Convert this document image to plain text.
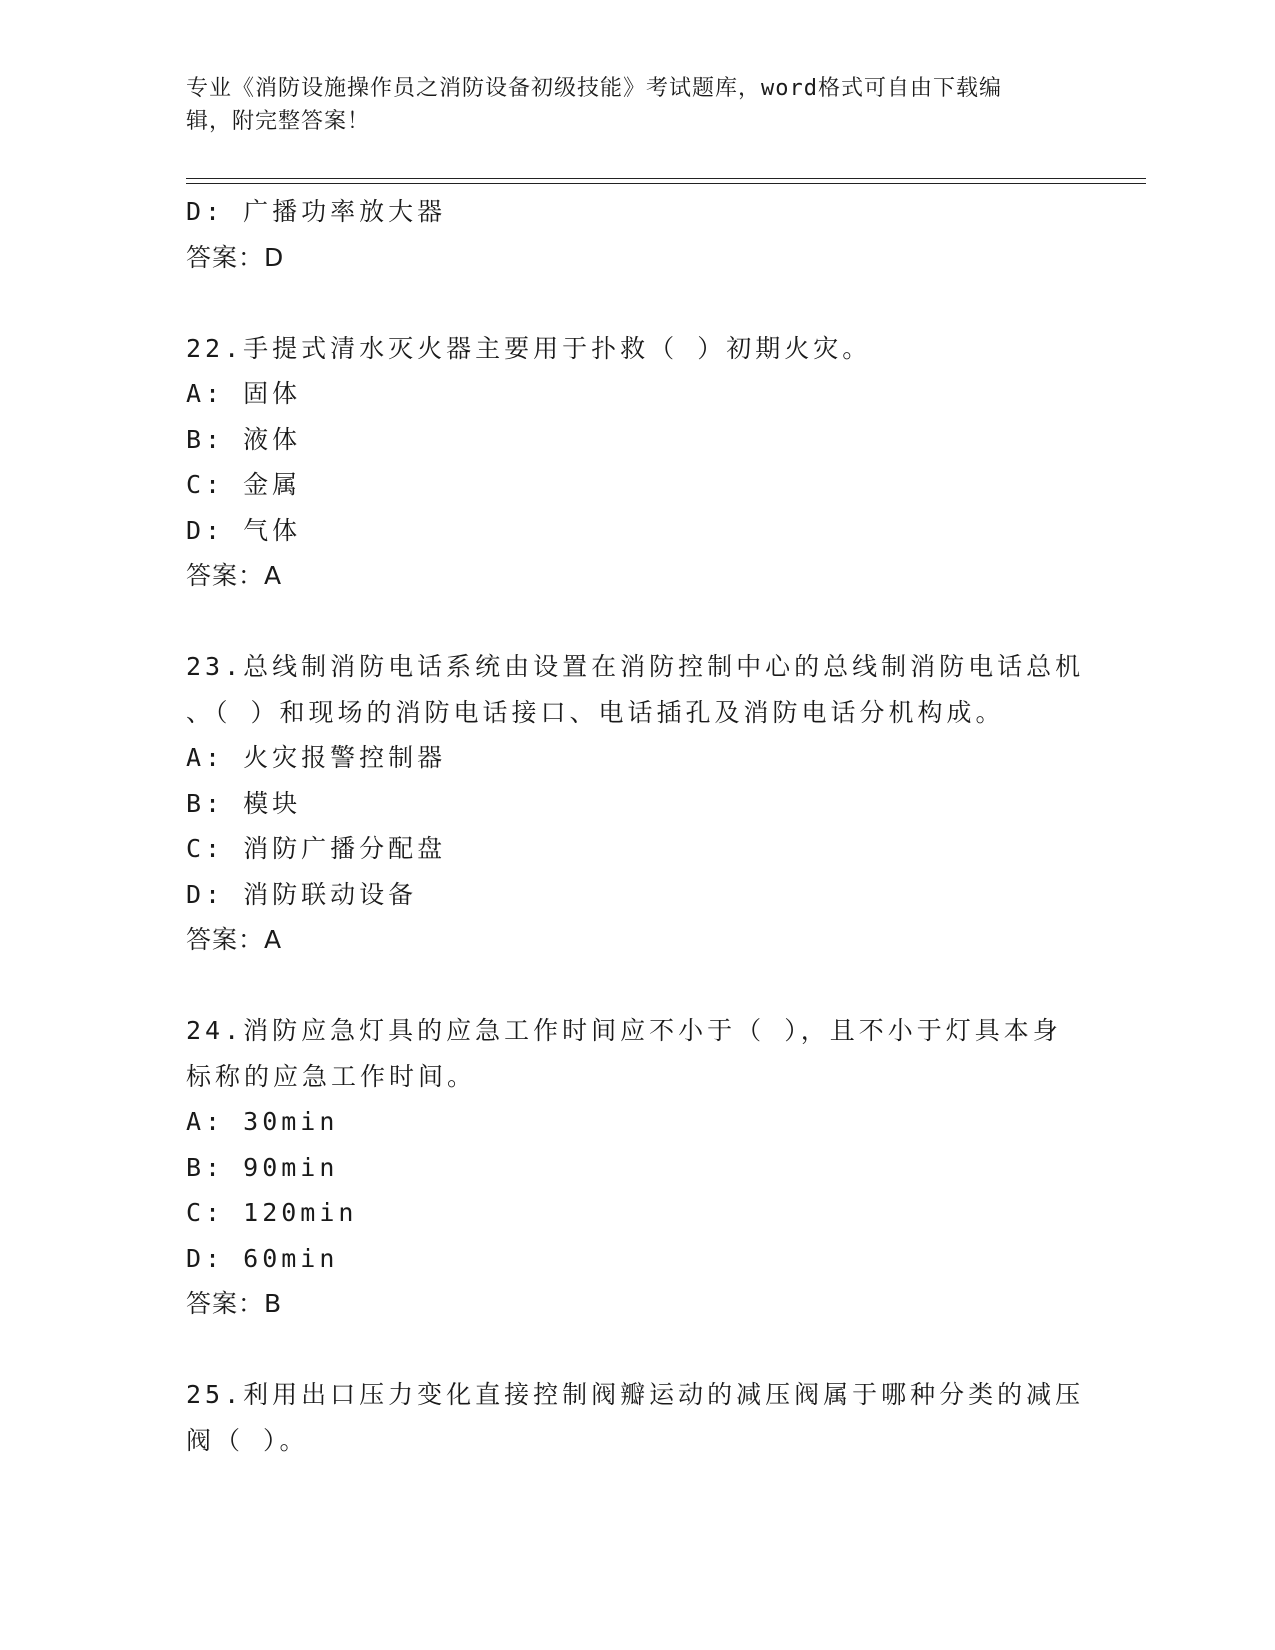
专业《消防设施操作员之消防设备初级技能》考试题库，word格式可自由下载编
辑，附完整答案！
D: 广播功率放大器
答案：D
22.手提式清水灭火器主要用于扑救（ ）初期火灾。
A: 固体
B: 液体
C: 金属
D: 气体
答案：A
23.总线制消防电话系统由设置在消防控制中心的总线制消防电话总机
、（ ）和现场的消防电话接口、电话插孔及消防电话分机构成。
A: 火灾报警控制器
B: 模块
C: 消防广播分配盘
D: 消防联动设备
答案：A
24.消防应急灯具的应急工作时间应不小于（ ），且不小于灯具本身
标称的应急工作时间。
A: 30min
B: 90min
C: 120min
D: 60min
答案：B
25.利用出口压力变化直接控制阀瓣运动的减压阀属于哪种分类的减压
阀（ ）。
